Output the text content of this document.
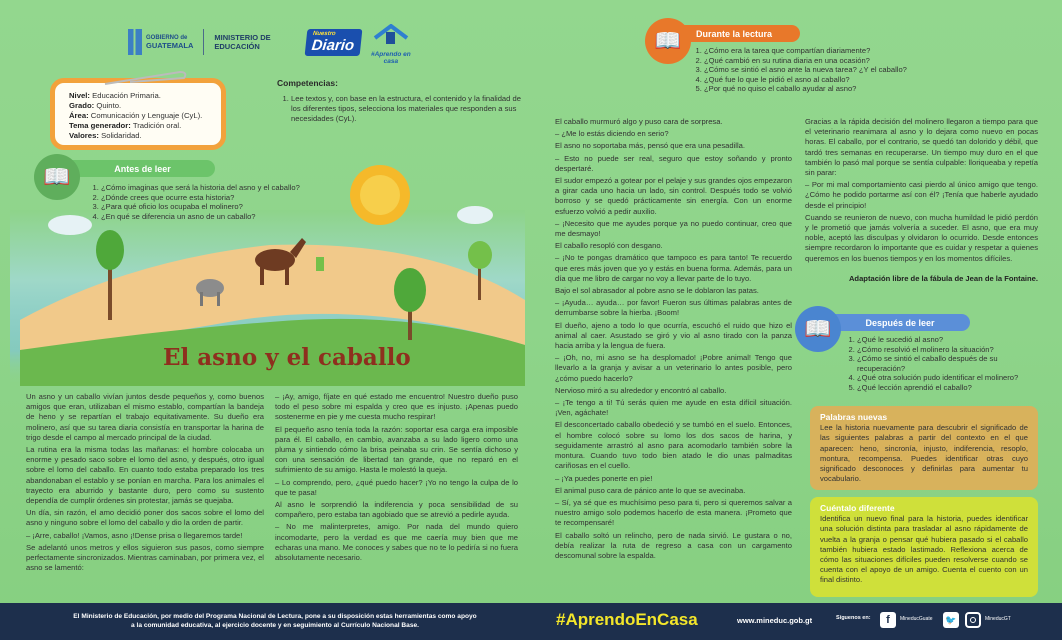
GOBIERNO de
GUATEMALA
MINISTERIO DE EDUCACIÓN
Nuestro
Diario
#Aprendo en casa
Nivel: Educación Primaria.
Grado: Quinto.
Área: Comunicación y Lenguaje (CyL).
Tema generador: Tradición oral.
Valores: Solidaridad.
Competencias:
1. Lee textos y, con base en la estructura, el contenido y la finalidad de los diferentes tipos, selecciona los materiales que responden a sus necesidades (CyL).
Antes de leer
📖	1. ¿Cómo imaginas que será la historia del asno y el caballo?
2. ¿Dónde crees que ocurre esta historia?
3. ¿Para qué oficio los ocupaba el molinero?
4. ¿En qué se diferencia un asno de un caballo?
El asno y el caballo

Un asno y un caballo vivían juntos desde pequeños y, como buenos amigos que eran, utilizaban el mismo establo, compartían la bandeja de heno y se repartían el trabajo equitativamente. Su dueño era molinero, así que su tarea diaria consistía en transportar la harina de trigo desde el campo al mercado principal de la ciudad.

La rutina era la misma todas las mañanas: el hombre colocaba un enorme y pesado saco sobre el lomo del asno, y después, otro igual sobre el lomo del caballo. En cuanto todo estaba preparado los tres abandonaban el establo y se ponían en marcha. Para los animales el trayecto era aburrido y bastante duro, pero como su sustento dependía de cumplir órdenes sin protestar, jamás se quejaba.

Un día, sin razón, el amo decidió poner dos sacos sobre el lomo del asno y ninguno sobre el lomo del caballo y dio la orden de partir.

– ¡Arre, caballo! ¡Vamos, asno ¡!Dense prisa o llegaremos tarde!

Se adelantó unos metros y ellos siguieron sus pasos, como siempre perfectamente sincronizados. Mientras caminaban, por primera vez, el asno se lamentó:

– ¡Ay, amigo, fíjate en qué estado me encuentro! Nuestro dueño puso todo el peso sobre mi espalda y creo que es injusto. ¡Apenas puedo sostenerme en pie y me cuesta mucho respirar!

El pequeño asno tenía toda la razón: soportar esa carga era imposible para él. El caballo, en cambio, avanzaba a su lado ligero como una pluma y sintiendo cómo la brisa peinaba su crin. Se sentía dichoso y con una sensación de libertad tan grande, que no reparó en el sufrimiento de su amigo. Hasta le molestó la queja.

– Lo comprendo, pero, ¿qué puedo hacer? ¡Yo no tengo la culpa de lo que te pasa!

Al asno le sorprendió la indiferencia y poca sensibilidad de su compañero, pero estaba tan agobiado que se atrevió a pedirle ayuda.

– No me malinterpretes, amigo. Por nada del mundo quiero incomodarte, pero la verdad es que me caería muy bien que me echaras una mano. Me conoces y sabes que no te lo pediría si no fuera absolutamente necesario.

Durante la lectura
📖	1. ¿Cómo era la tarea que compartían diariamente?
2. ¿Qué cambió en su rutina diaria en una ocasión?
3. ¿Cómo se sintió el asno ante la nueva tarea? ¿Y el caballo?
4. ¿Qué fue lo que le pidió el asno al caballo?
5. ¿Por qué no quiso el caballo ayudar al asno?

El caballo murmuró algo y puso cara de sorpresa.

– ¿Me lo estás diciendo en serio?

El asno no soportaba más, pensó que era una pesadilla.

– Esto no puede ser real, seguro que estoy soñando y pronto despertaré.

El sudor empezó a gotear por el pelaje y sus grandes ojos empezaron a girar cada uno hacia un lado, sin control. Después todo se volvió borroso y se quedó prácticamente sin energía. Con un enorme esfuerzo volvió a pedir auxilio.

– ¡Necesito que me ayudes porque ya no puedo continuar, creo que me desmayo!

El caballo resopló con desgano.

– ¡No te pongas dramático que tampoco es para tanto! Te recuerdo que eres más joven que yo y estás en buena forma. Además, para un día que me libro de cargar no voy a llevar parte de lo tuyo.

Bajo el sol abrasador al pobre asno se le doblaron las patas.

– ¡Ayuda… ayuda… por favor! Fueron sus últimas palabras antes de derrumbarse sobre la hierba. ¡Boom!

El dueño, ajeno a todo lo que ocurría, escuchó el ruido que hizo el animal al caer. Asustado se giró y vio al asno tirado con la panza hacia arriba y la lengua de fuera.

– ¡Oh, no, mi asno se ha desplomado! ¡Pobre animal! Tengo que llevarlo a la granja y avisar a un veterinario lo antes posible, pero ¿cómo puedo hacerlo?

Nervioso miró a su alrededor y encontró al caballo.

– ¡Te tengo a ti! Tú serás quien me ayude en esta difícil situación. ¡Ven, agáchate!

El desconcertado caballo obedeció y se tumbó en el suelo. Entonces, el hombre colocó sobre su lomo los dos sacos de harina, y seguidamente arrastró al asno para acomodarlo también sobre la montura. Cuando tuvo todo bien atado le dio unas palmaditas cariñosas en el cuello.

– ¡Ya puedes ponerte en pie!

El animal puso cara de pánico ante lo que se avecinaba.

– Sí, ya sé que es muchísimo peso para ti, pero si queremos salvar a nuestro amigo solo podemos hacerlo de esta manera. ¡Prometo que te recompensaré!

El caballo soltó un relincho, pero de nada sirvió. Le gustara o no, debía realizar la ruta de regreso a casa con un cargamento descomunal sobre la espalda.

Gracias a la rápida decisión del molinero llegaron a tiempo para que el veterinario reanimara al asno y lo dejara como nuevo en pocas horas. El caballo, por el contrario, se quedó tan dolorido y débil, que tardó tres semanas en recuperarse. Un tiempo muy duro en el que también lo pasó mal porque se sentía culpable: lloriqueaba y repetía sin parar:

– Por mi mal comportamiento casi pierdo al único amigo que tengo. ¿Cómo he podido portarme así con él? ¡Tenía que haberle ayudado desde el principio!

Cuando se reunieron de nuevo, con mucha humildad le pidió perdón y le prometió que jamás volvería a suceder. El asno, que era muy noble, aceptó las disculpas y olvidaron lo ocurrido. Desde entonces siempre recordaron lo importante que es cuidar y respetar a quienes queremos en los buenos tiempos y en los momentos difíciles.

Adaptación libre de la fábula de Jean de la Fontaine.

Después de leer
📖	1. ¿Qué le sucedió al asno?
2. ¿Cómo resolvió el molinero la situación?
3. ¿Cómo se sintió el caballo después de su recuperación?
4. ¿Qué otra solución pudo identificar el molinero?
5. ¿Qué lección aprendió el caballo?
Palabras nuevas
Lee la historia nuevamente para descubrir el significado de las siguientes palabras a partir del contexto en el que aparecen: heno, sincronía, injusto, indiferencia, resoplo, montura, recompensa. Puedes identificar otras cuyo significado desconoces y definirlas para aumentar tu vocabulario.
Cuéntalo diferente
Identifica un nuevo final para la historia, puedes identificar una solución distinta para trasladar al asno rápidamente de vuelta a la granja o pensar qué hubiera pasado si el caballo también hubiera estado lastimado. Reflexiona acerca de cómo las situaciones difíciles pueden resolverse cuando se cuenta con el apoyo de un amigo. Cuenta el cuento con un final distinto.
El Ministerio de Educación, por medio del Programa Nacional de Lectura, pone a su disposición estas herramientas como apoyo
a la comunidad educativa, al ejercicio docente y en seguimiento al Currículo Nacional Base.	#AprendoEnCasa	www.mineduc.gob.gt	Síguenos en:	f	MineducGuate 🐦	MineducGT
